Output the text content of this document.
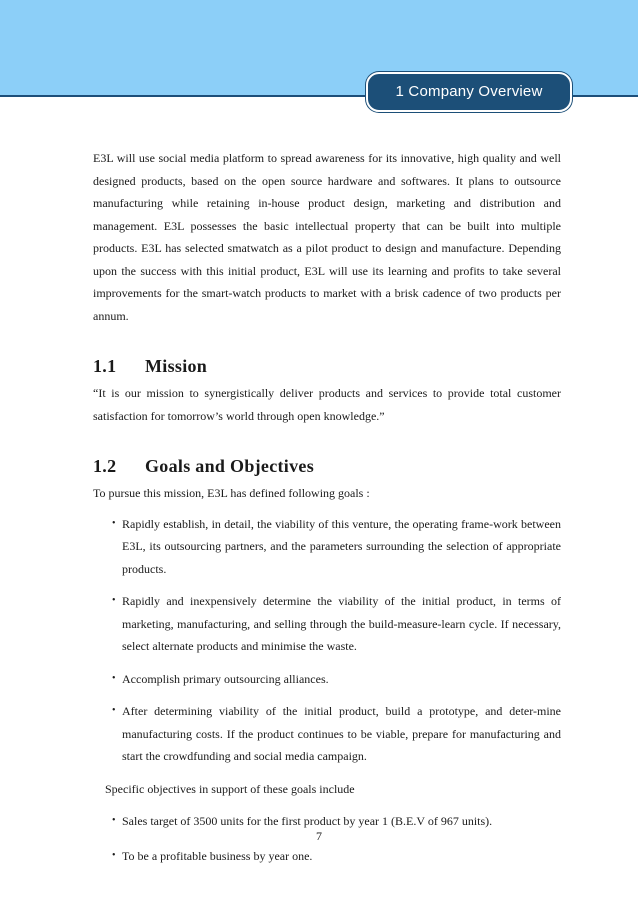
1 Company Overview

E3L will use social media platform to spread awareness for its innovative, high quality and well designed products, based on the open source hardware and softwares. It plans to outsource manufacturing while retaining in-house product design, marketing and distribution and management. E3L possesses the basic intellectual property that can be built into multiple products. E3L has selected smatwatch as a pilot product to design and manufacture. Depending upon the success with this initial product, E3L will use its learning and profits to take several improvements for the smart-watch products to market with a brisk cadence of two products per annum.

1.1 Mission

“It is our mission to synergistically deliver products and services to provide total customer satisfaction for tomorrow’s world through open knowledge.”

1.2 Goals and Objectives

To pursue this mission, E3L has defined following goals :

• Rapidly establish, in detail, the viability of this venture, the operating frame-work between E3L, its outsourcing partners, and the parameters surrounding the selection of appropriate products.
• Rapidly and inexpensively determine the viability of the initial product, in terms of marketing, manufacturing, and selling through the build-measure-learn cycle. If necessary, select alternate products and minimise the waste.
• Accomplish primary outsourcing alliances.
• After determining viability of the initial product, build a prototype, and deter-mine manufacturing costs. If the product continues to be viable, prepare for manufacturing and start the crowdfunding and social media campaign.

Specific objectives in support of these goals include

• Sales target of 3500 units for the first product by year 1 (B.E.V of 967 units).
• To be a profitable business by year one.
7
